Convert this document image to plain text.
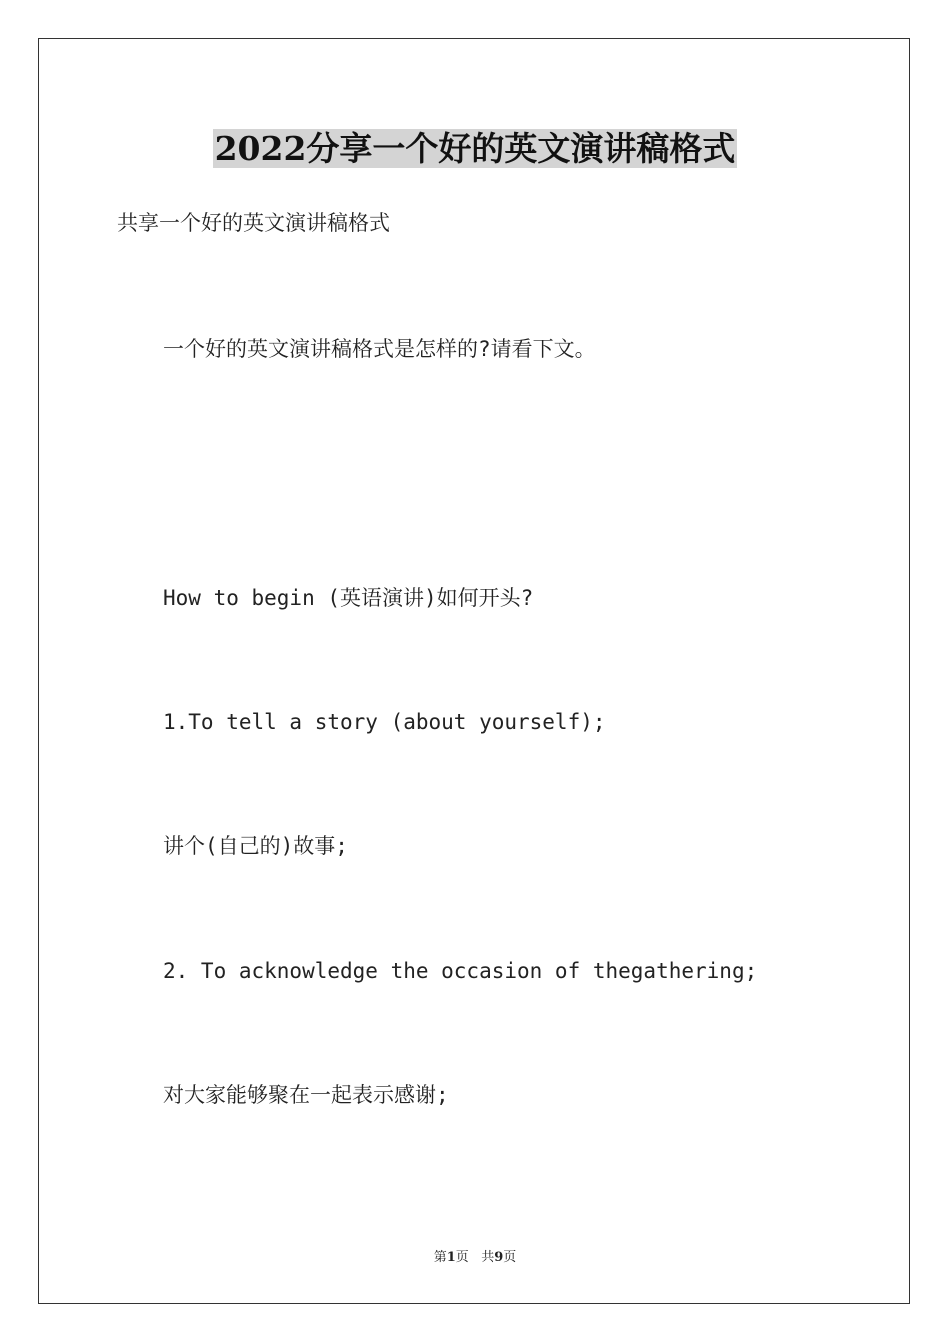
2022分享一个好的英文演讲稿格式
共享一个好的英文演讲稿格式
一个好的英文演讲稿格式是怎样的?请看下文。
How to begin (英语演讲)如何开头?
1.To tell a story (about yourself);
讲个(自己的)故事;
2. To acknowledge the occasion of thegathering;
对大家能够聚在一起表示感谢;
第1页 共9页
